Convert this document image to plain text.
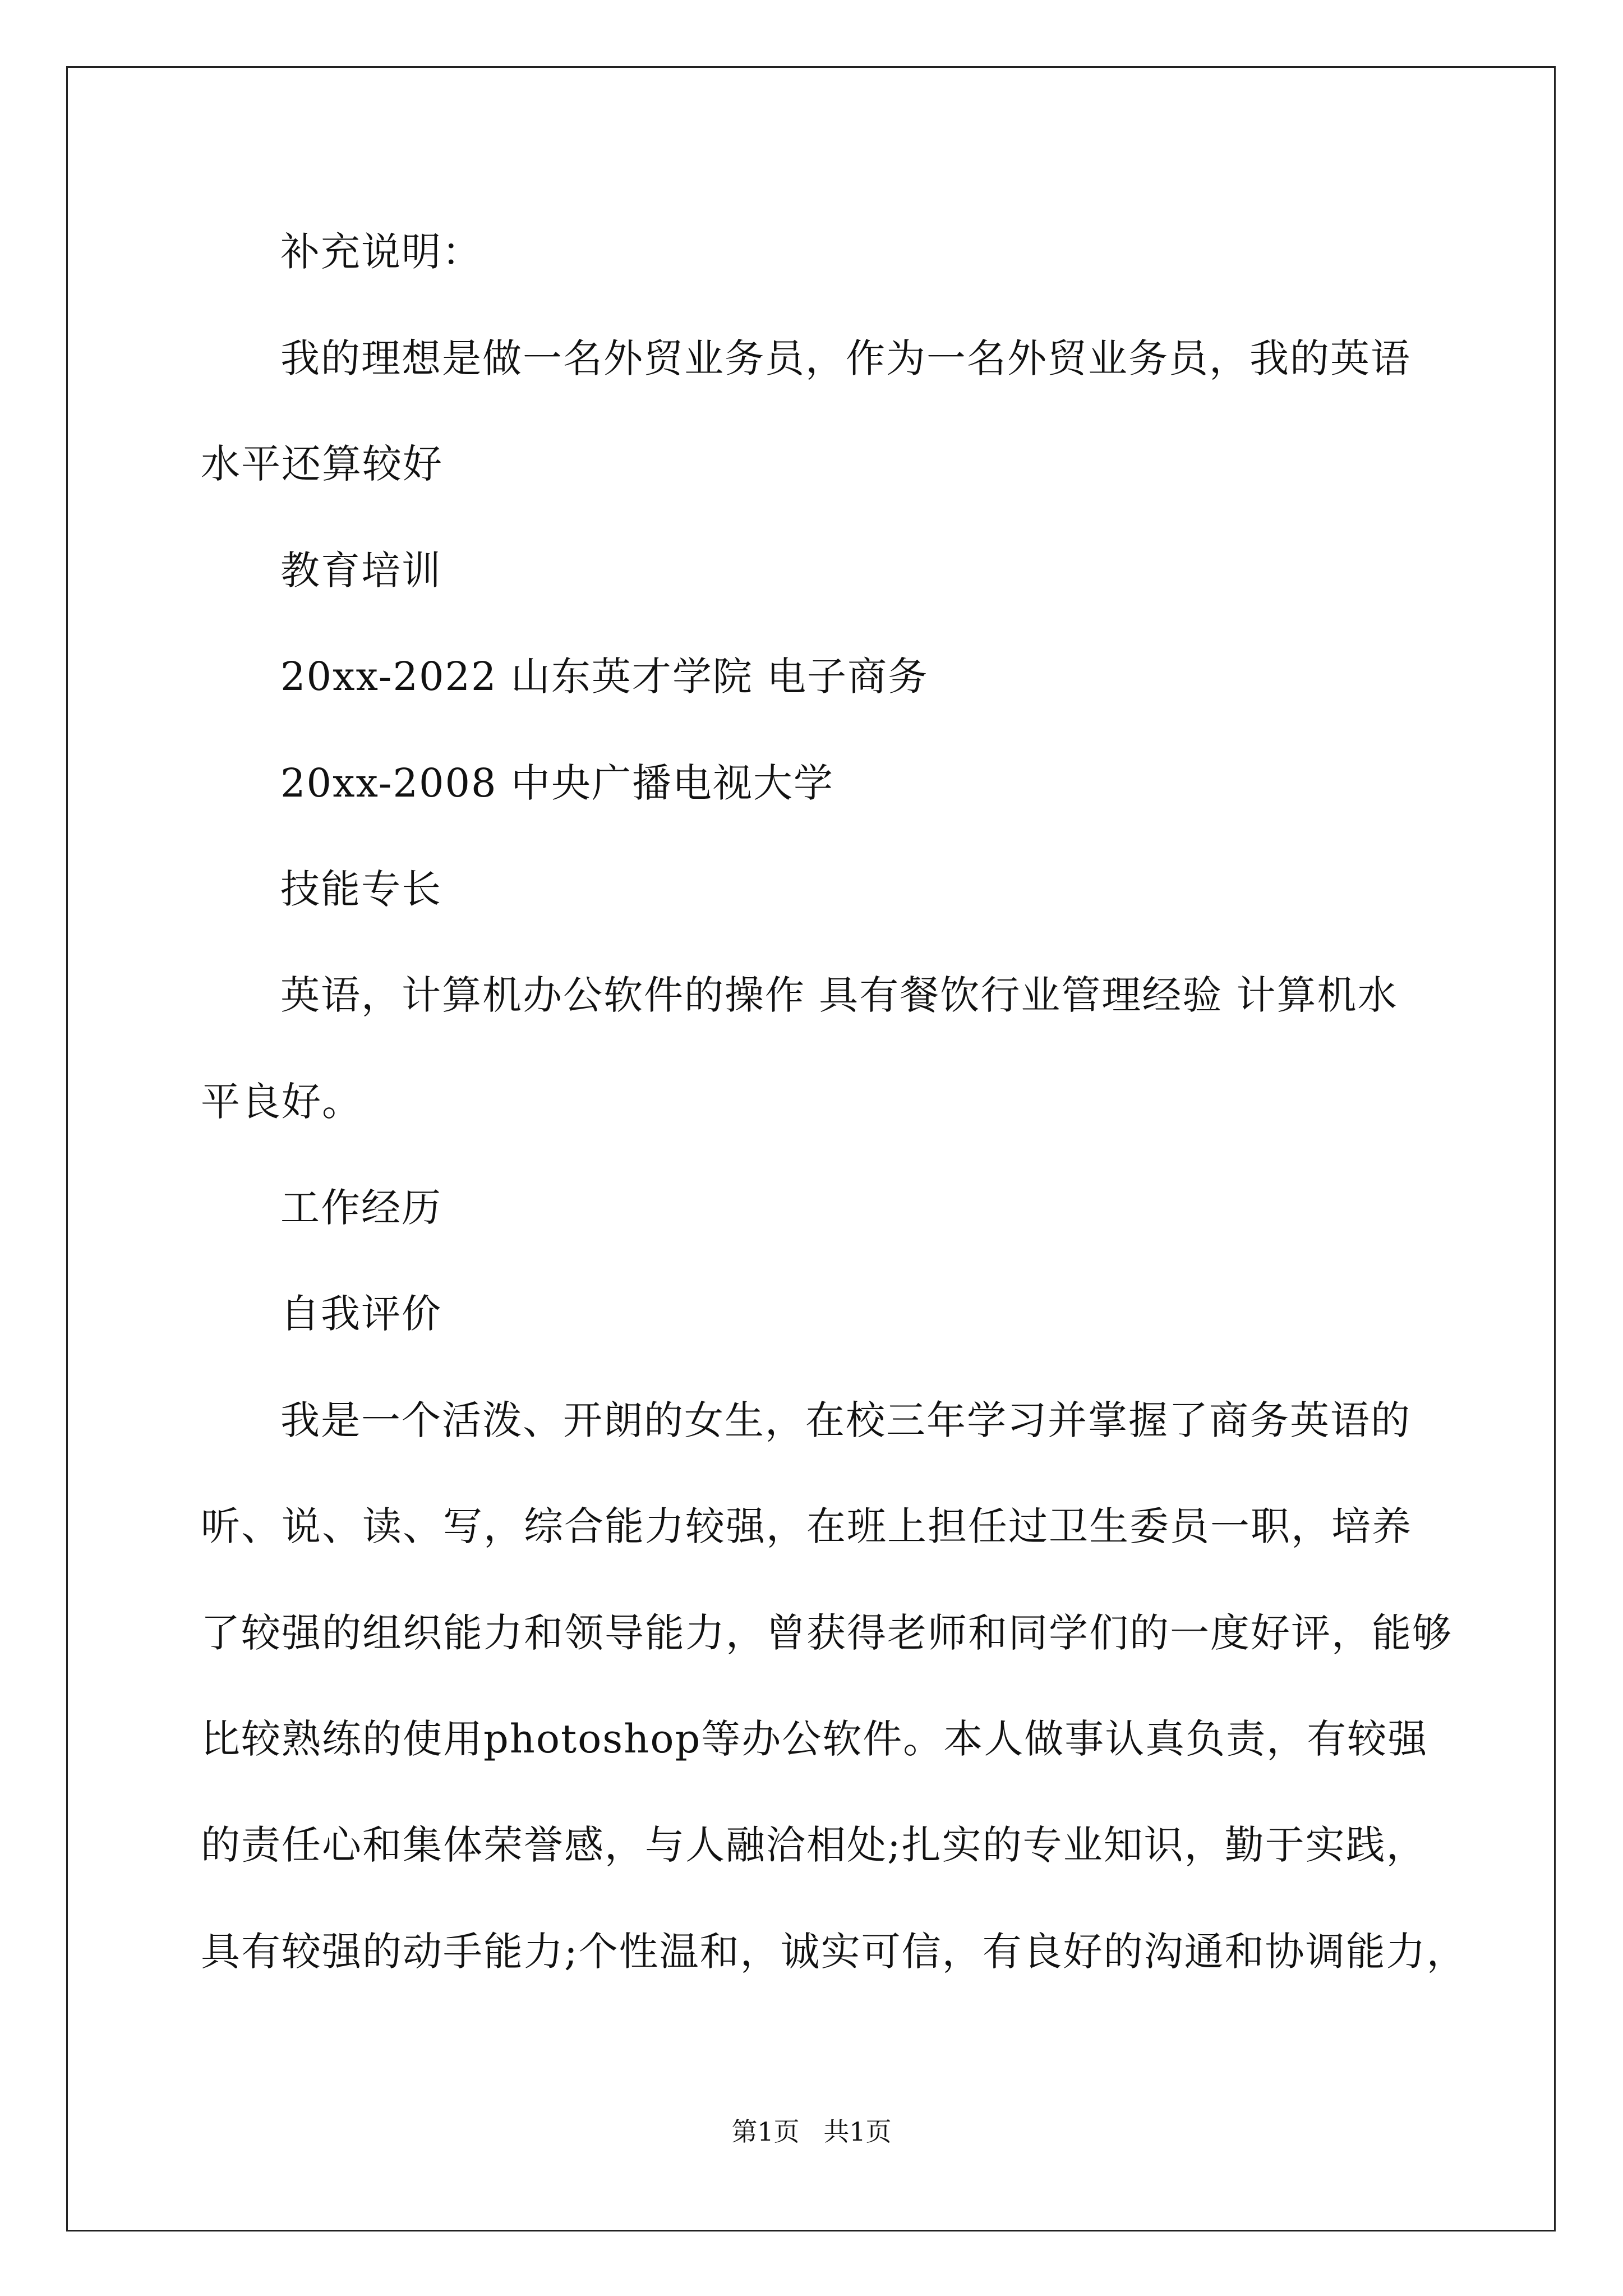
补充说明：
我的理想是做一名外贸业务员，作为一名外贸业务员，我的英语
水平还算较好
教育培训
20xx-2022 山东英才学院 电子商务
20xx-2008 中央广播电视大学
技能专长
英语，计算机办公软件的操作 具有餐饮行业管理经验 计算机水
平良好。
工作经历
自我评价
我是一个活泼、开朗的女生，在校三年学习并掌握了商务英语的
听、说、读、写，综合能力较强，在班上担任过卫生委员一职，培养
了较强的组织能力和领导能力，曾获得老师和同学们的一度好评，能够
比较熟练的使用photoshop等办公软件。本人做事认真负责，有较强
的责任心和集体荣誉感，与人融洽相处;扎实的专业知识，勤于实践，
具有较强的动手能力;个性温和，诚实可信，有良好的沟通和协调能力，
第1页 共1页
